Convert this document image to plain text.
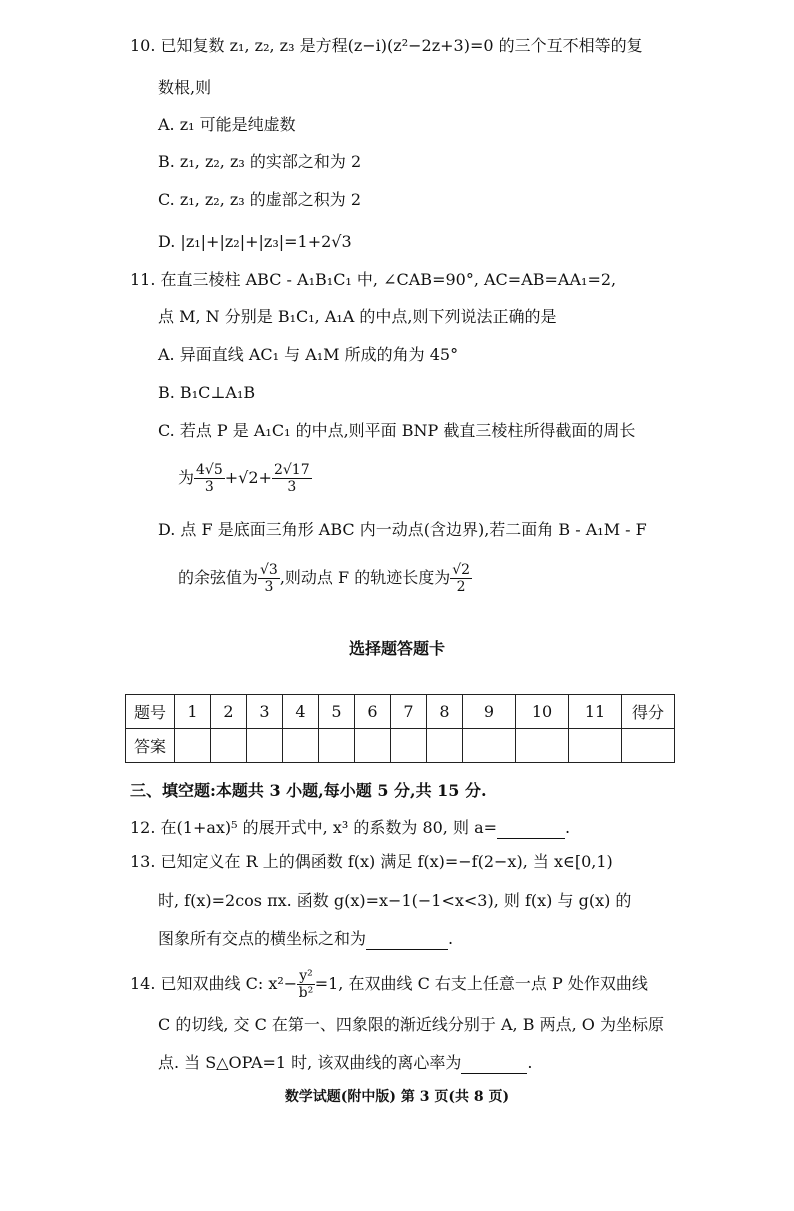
10. 已知复数 z₁, z₂, z₃ 是方程(z−i)(z²−2z+3)=0 的三个互不相等的复
数根,则
A. z₁ 可能是纯虚数
B. z₁, z₂, z₃ 的实部之和为 2
C. z₁, z₂, z₃ 的虚部之积为 2
D. |z₁|+|z₂|+|z₃|=1+2√3
11. 在直三棱柱 ABC - A₁B₁C₁ 中, ∠CAB=90°, AC=AB=AA₁=2,
点 M, N 分别是 B₁C₁, A₁A 的中点,则下列说法正确的是
A. 异面直线 AC₁ 与 A₁M 所成的角为 45°
B. B₁C⊥A₁B
C. 若点 P 是 A₁C₁ 的中点,则平面 BNP 截直三棱柱所得截面的周长
为 $\frac{4√5}{3} +√2+ \frac{2√17}{3}$
D. 点 F 是底面三角形 ABC 内一动点(含边界),若二面角 B - A₁M - F
的余弦值为 $\frac{√3}{3}$ ,则动点 F 的轨迹长度为 $\frac{√2}{2}$
选择题答题卡
题号	1	2	3	4	5	6	7	8	9	10	11	得分
答案												
三、填空题:本题共 3 小题,每小题 5 分,共 15 分.
12. 在(1+ax)⁵ 的展开式中, x³ 的系数为 80, 则 a=	.
13. 已知定义在 R 上的偶函数 f(x) 满足 f(x)=−f(2−x), 当 x∈[0,1)
时, f(x)=2cos πx. 函数 g(x)=x−1(−1<x<3), 则 f(x) 与 g(x) 的
图象所有交点的横坐标之和为	.
14. 已知双曲线 C: $x^2- \frac{\text{y²}}{\text{b²}} =1$, 在双曲线 C 右支上任意一点 P 处作双曲线
C 的切线, 交 C 在第一、四象限的渐近线分别于 A, B 两点, O 为坐标原
点. 当 S△OPA=1 时, 该双曲线的离心率为	.
数学试题(附中版) 第 3 页(共 8 页)
